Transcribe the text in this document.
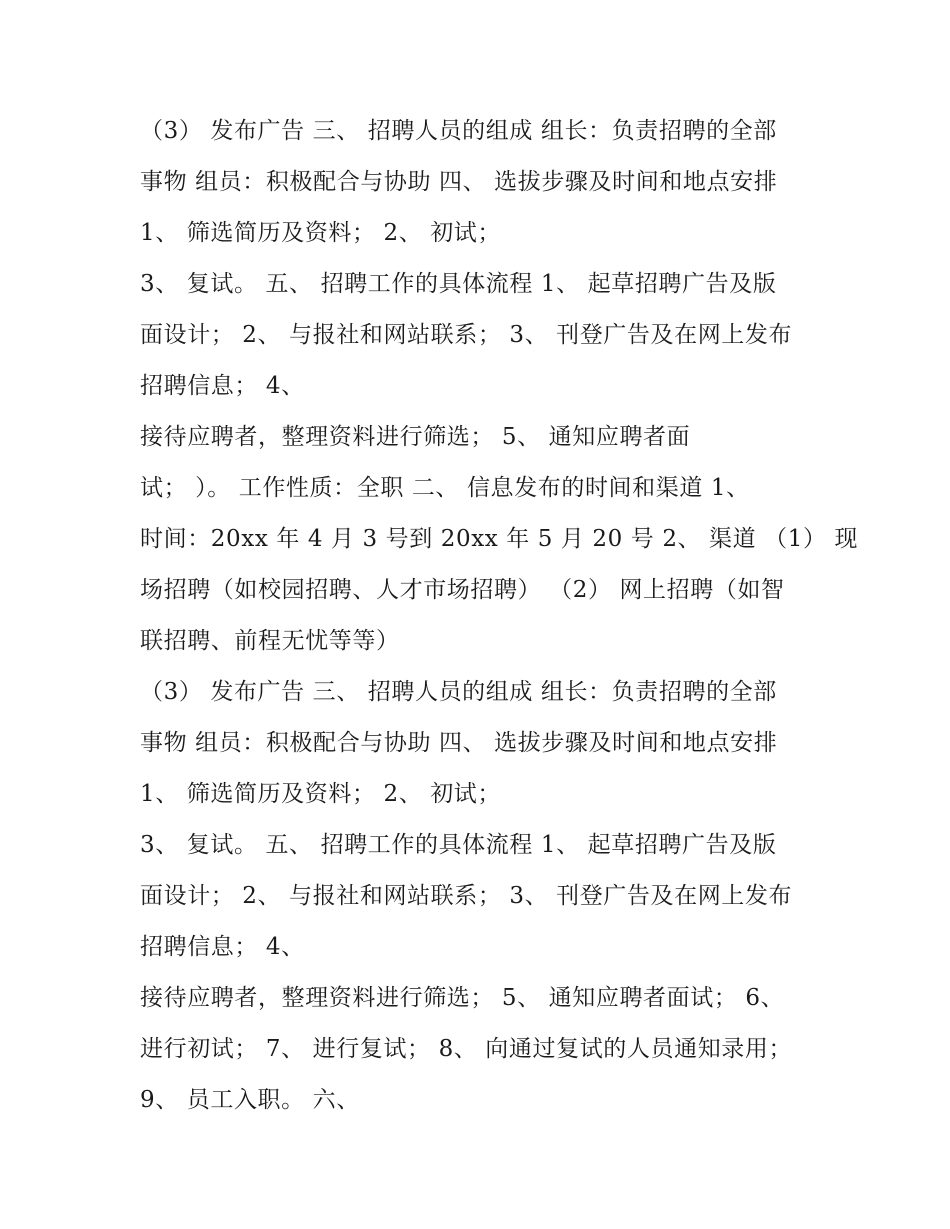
（3） 发布广告 三、 招聘人员的组成 组长：负责招聘的全部
事物 组员：积极配合与协助 四、 选拔步骤及时间和地点安排
1、 筛选简历及资料； 2、 初试；
3、 复试。 五、 招聘工作的具体流程 1、 起草招聘广告及版
面设计； 2、 与报社和网站联系； 3、 刊登广告及在网上发布
招聘信息； 4、
接待应聘者，整理资料进行筛选； 5、 通知应聘者面
试； ）。 工作性质：全职 二、 信息发布的时间和渠道 1、
时间：20xx 年 4 月 3 号到 20xx 年 5 月 20 号 2、 渠道 （1） 现
场招聘（如校园招聘、人才市场招聘） （2） 网上招聘（如智
联招聘、前程无忧等等）
（3） 发布广告 三、 招聘人员的组成 组长：负责招聘的全部
事物 组员：积极配合与协助 四、 选拔步骤及时间和地点安排
1、 筛选简历及资料； 2、 初试；
3、 复试。 五、 招聘工作的具体流程 1、 起草招聘广告及版
面设计； 2、 与报社和网站联系； 3、 刊登广告及在网上发布
招聘信息； 4、
接待应聘者，整理资料进行筛选； 5、 通知应聘者面试； 6、
进行初试； 7、 进行复试； 8、 向通过复试的人员通知录用；
9、 员工入职。 六、
